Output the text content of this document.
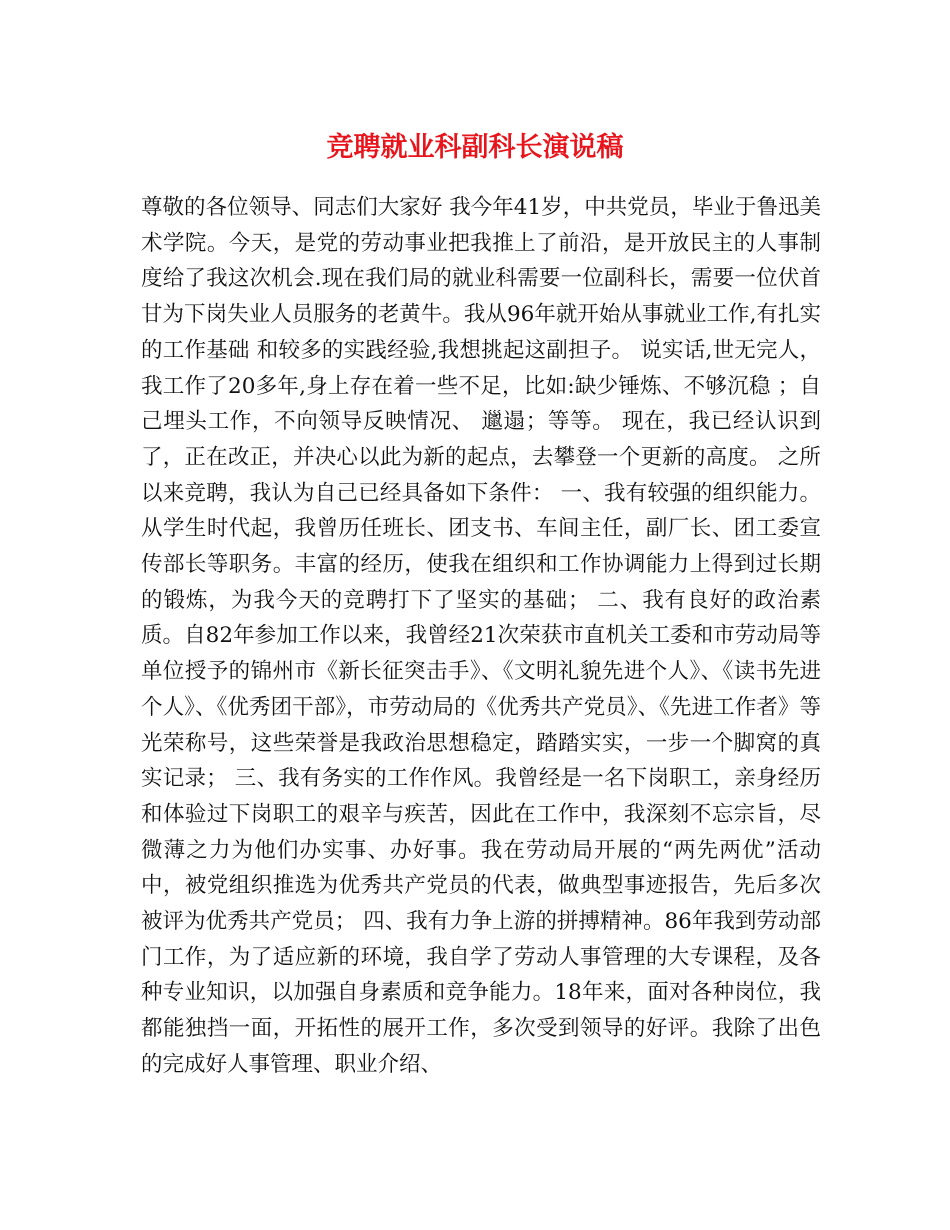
竞聘就业科副科长演说稿

尊敬的各位领导、同志们大家好 我今年41岁，中共党员，毕业于鲁迅美术学院。今天，是党的劳动事业把我推上了前沿，是开放民主的人事制度给了我这次机会.现在我们局的就业科需要一位副科长，需要一位伏首甘为下岗失业人员服务的老黄牛。我从96年就开始从事就业工作,有扎实的工作基础 和较多的实践经验,我想挑起这副担子。 说实话,世无完人，我工作了20多年,身上存在着一些不足，比如:缺少锤炼、不够沉稳 ；自己埋头工作，不向领导反映情况、 邋遢；等等。 现在，我已经认识到了，正在改正，并决心以此为新的起点，去攀登一个更新的高度。 之所以来竞聘，我认为自己已经具备如下条件： 一、我有较强的组织能力。从学生时代起，我曾历任班长、团支书、车间主任，副厂长、团工委宣传部长等职务。丰富的经历，使我在组织和工作协调能力上得到过长期的锻炼，为我今天的竞聘打下了坚实的基础； 二、我有良好的政治素质。自82年参加工作以来，我曾经21次荣获市直机关工委和市劳动局等单位授予的锦州市《新长征突击手》、《文明礼貌先进个人》、《读书先进个人》、《优秀团干部》，市劳动局的《优秀共产党员》、《先进工作者》等光荣称号，这些荣誉是我政治思想稳定，踏踏实实，一步一个脚窝的真实记录； 三、我有务实的工作作风。我曾经是一名下岗职工，亲身经历和体验过下岗职工的艰辛与疾苦，因此在工作中，我深刻不忘宗旨，尽微薄之力为他们办实事、办好事。我在劳动局开展的“两先两优”活动中，被党组织推选为优秀共产党员的代表，做典型事迹报告，先后多次被评为优秀共产党员； 四、我有力争上游的拼搏精神。86年我到劳动部门工作，为了适应新的环境，我自学了劳动人事管理的大专课程，及各种专业知识，以加强自身素质和竞争能力。18年来，面对各种岗位，我都能独挡一面，开拓性的展开工作，多次受到领导的好评。我除了出色的完成好人事管理、职业介绍、
